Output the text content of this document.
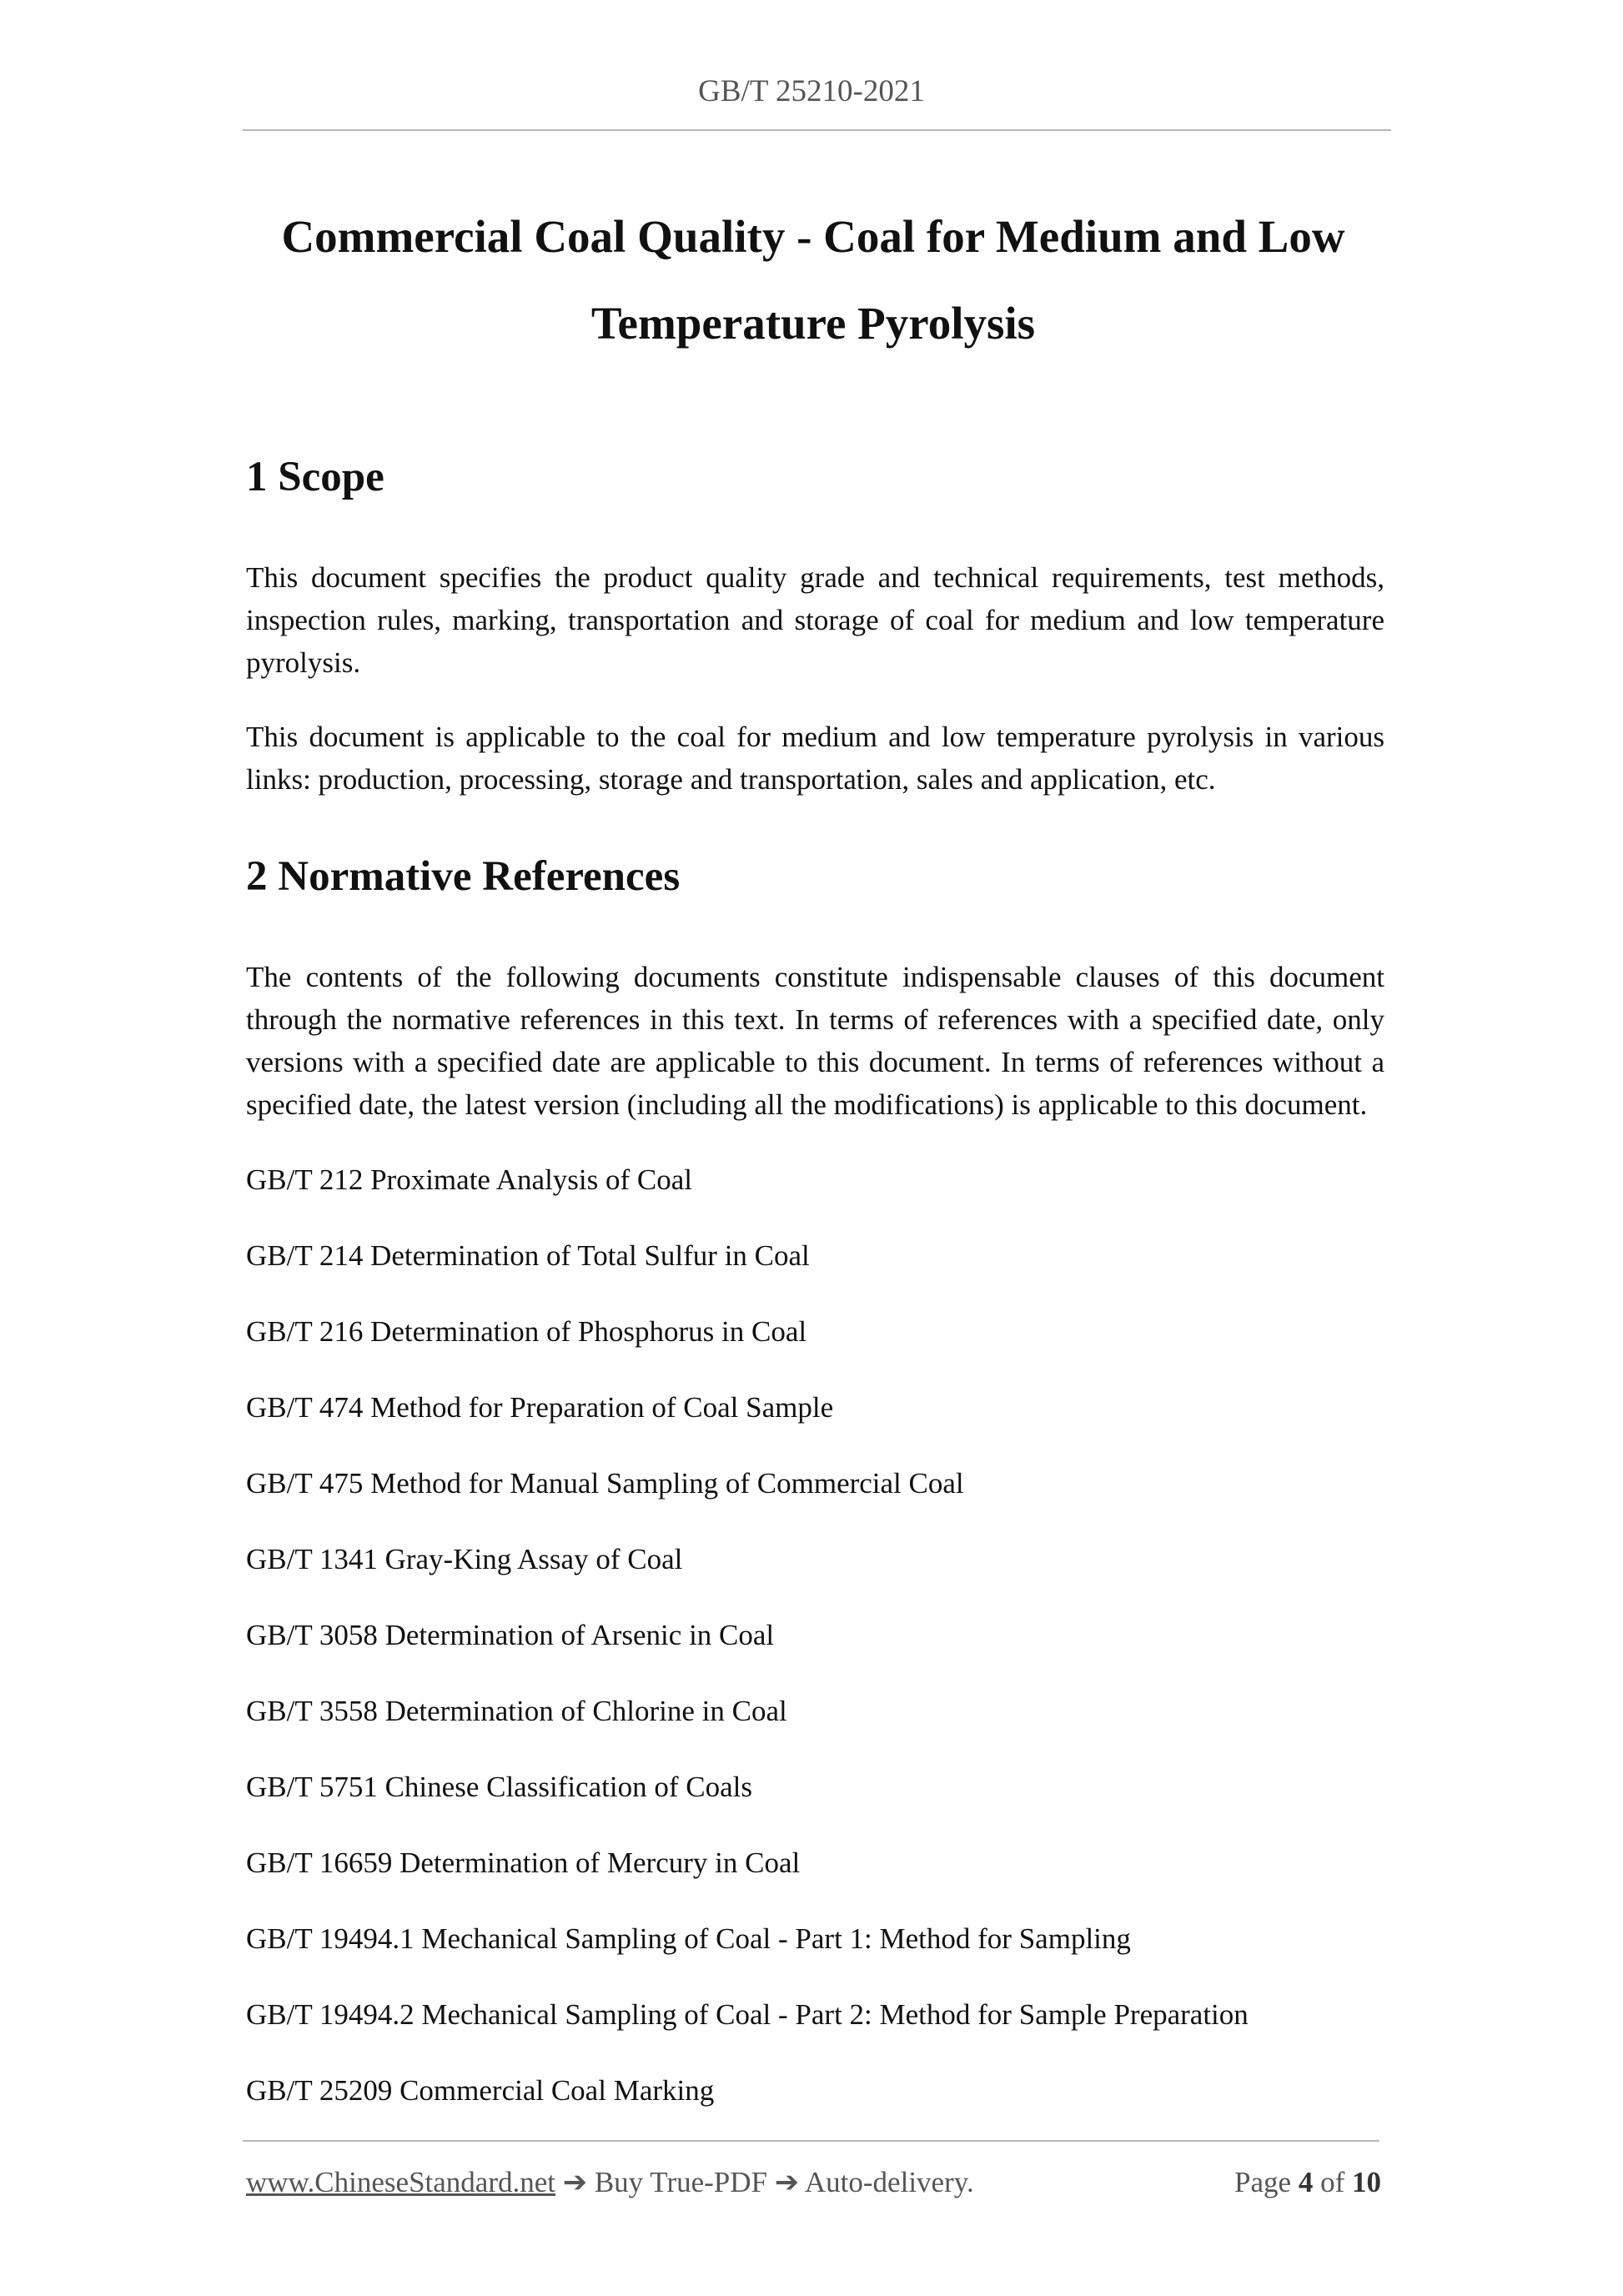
GB/T 25210-2021
Commercial Coal Quality - Coal for Medium and Low
Temperature Pyrolysis
1 Scope

This document specifies the product quality grade and technical requirements, test methods, inspection rules, marking, transportation and storage of coal for medium and low temperature pyrolysis.

This document is applicable to the coal for medium and low temperature pyrolysis in various links: production, processing, storage and transportation, sales and application, etc.

2 Normative References

The contents of the following documents constitute indispensable clauses of this document through the normative references in this text. In terms of references with a specified date, only versions with a specified date are applicable to this document. In terms of references without a specified date, the latest version (including all the modifications) is applicable to this document.

GB/T 212 Proximate Analysis of Coal

GB/T 214 Determination of Total Sulfur in Coal

GB/T 216 Determination of Phosphorus in Coal

GB/T 474 Method for Preparation of Coal Sample

GB/T 475 Method for Manual Sampling of Commercial Coal

GB/T 1341 Gray-King Assay of Coal

GB/T 3058 Determination of Arsenic in Coal

GB/T 3558 Determination of Chlorine in Coal

GB/T 5751 Chinese Classification of Coals

GB/T 16659 Determination of Mercury in Coal

GB/T 19494.1 Mechanical Sampling of Coal - Part 1: Method for Sampling

GB/T 19494.2 Mechanical Sampling of Coal - Part 2: Method for Sample Preparation

GB/T 25209 Commercial Coal Marking

www.ChineseStandard.net ➔ Buy True-PDF ➔ Auto-delivery.	Page 4 of 10
